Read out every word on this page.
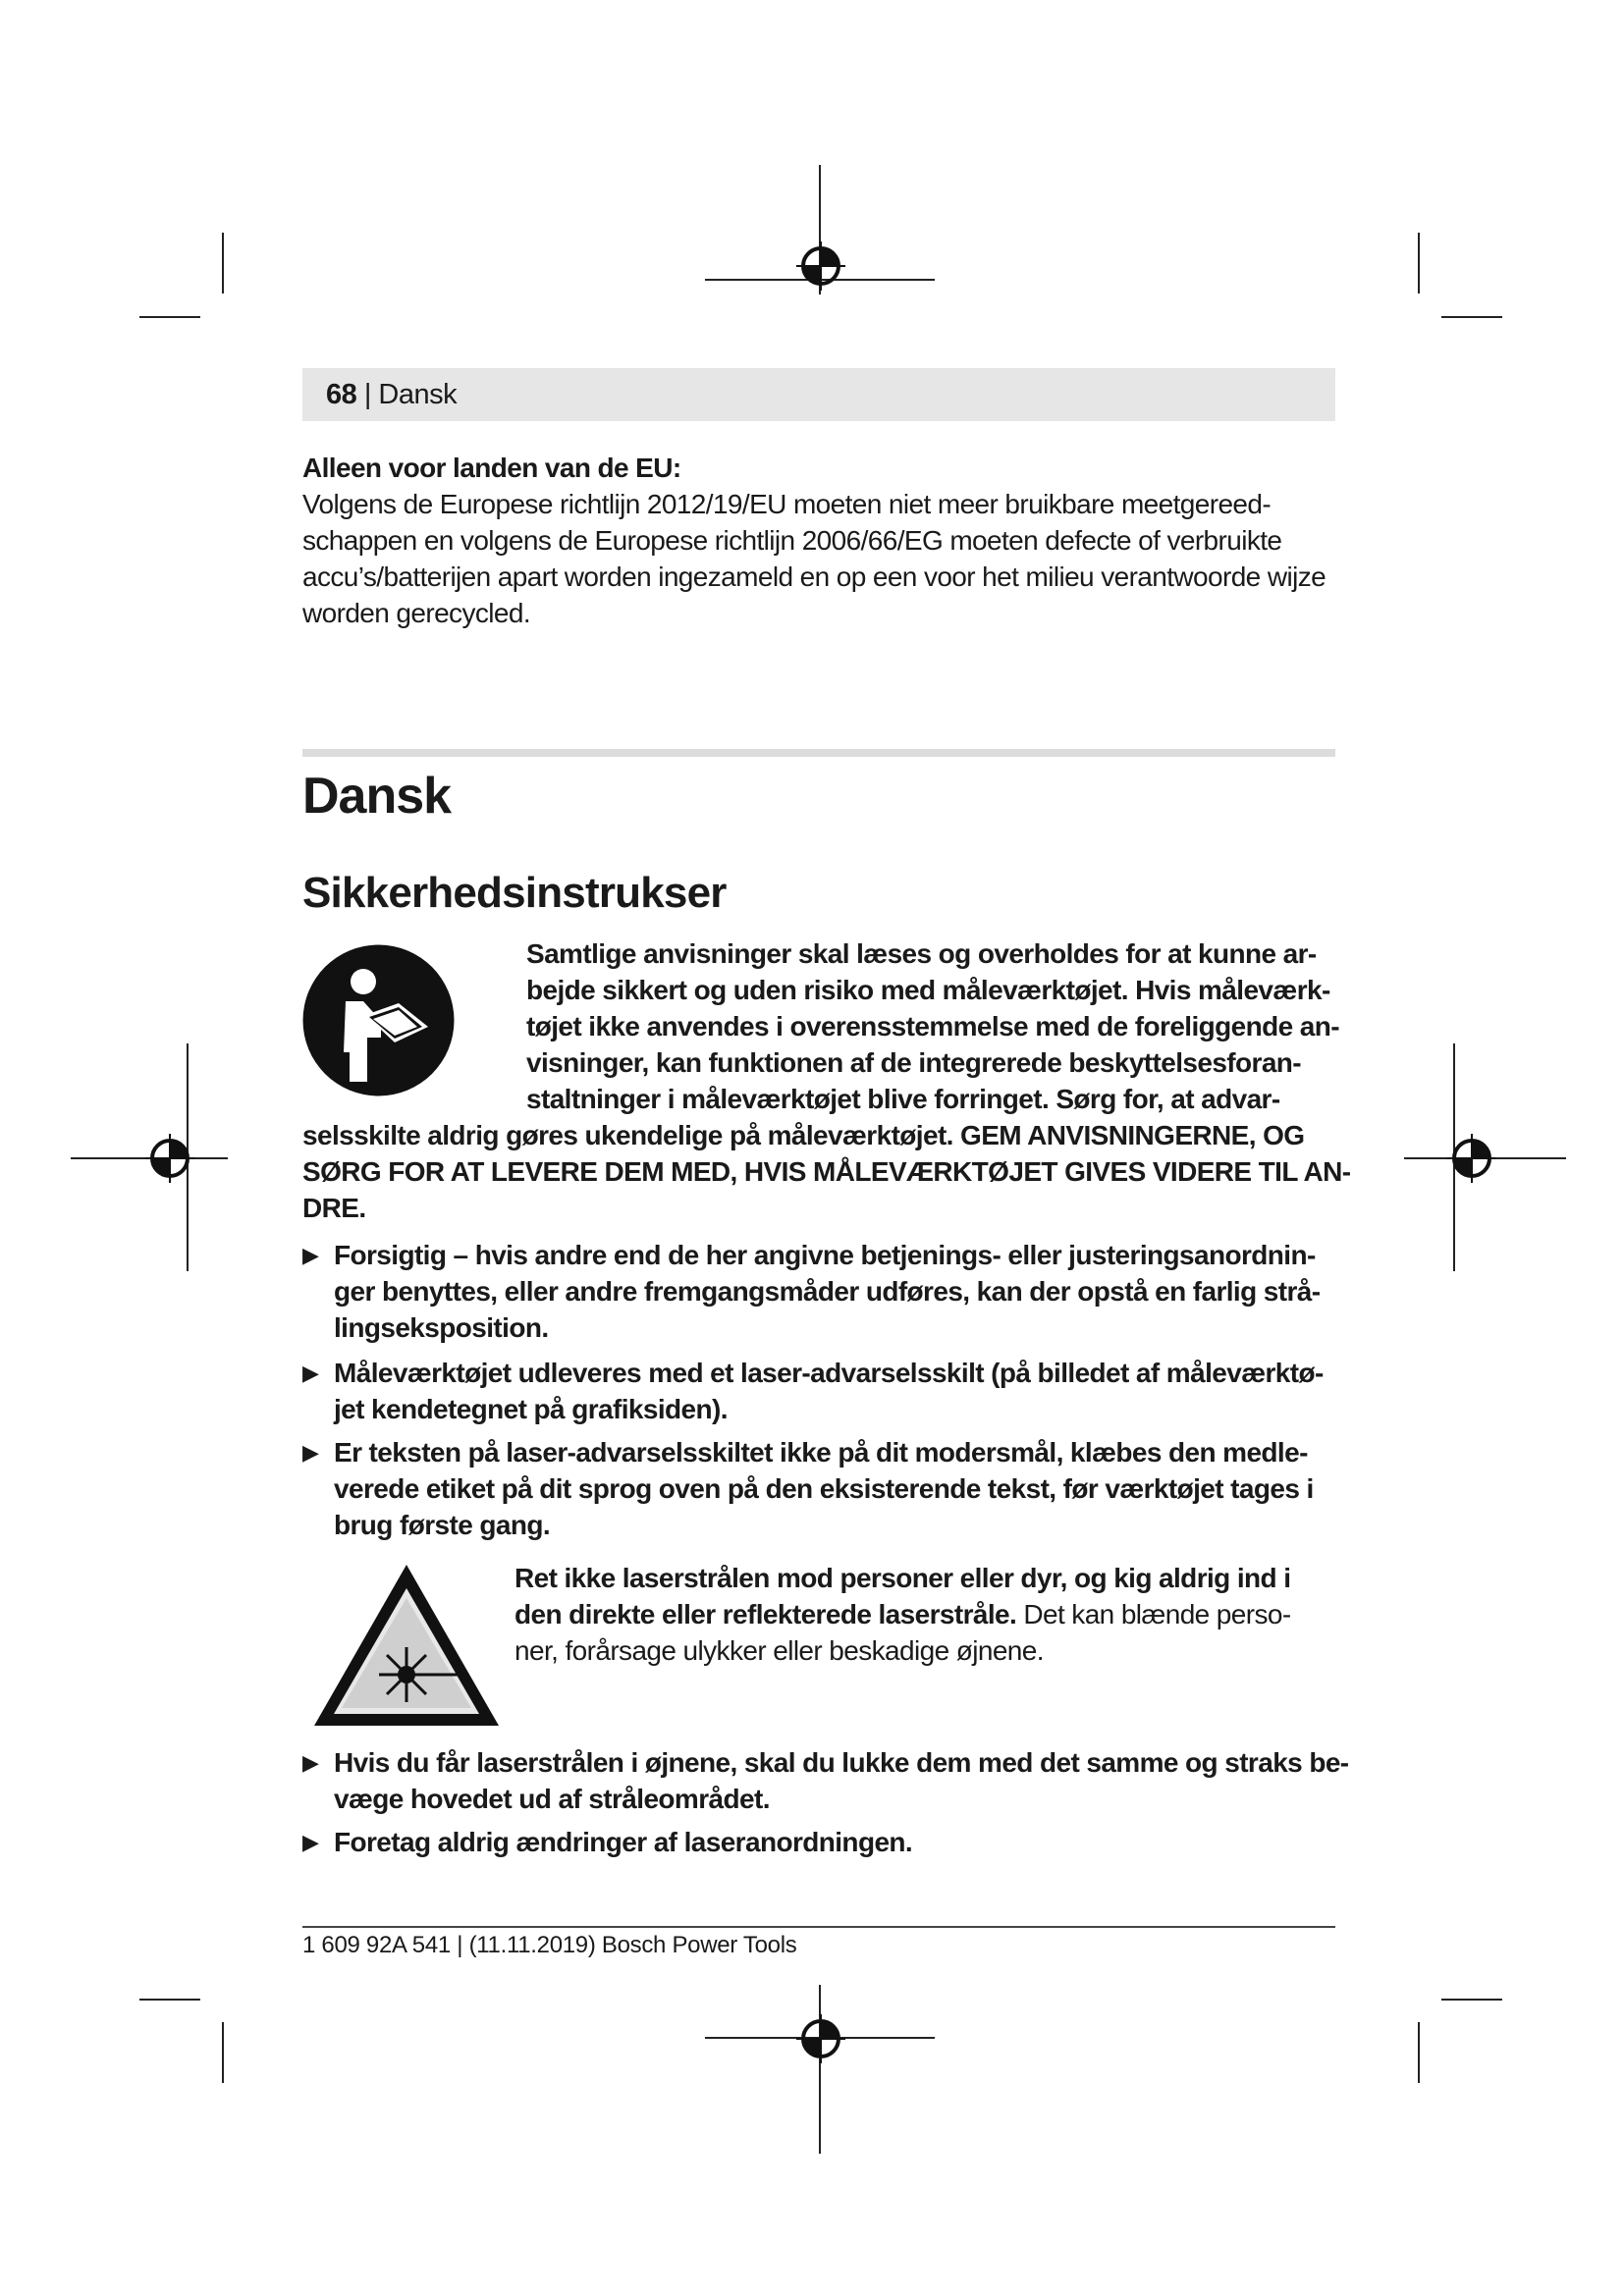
68 | Dansk
Alleen voor landen van de EU:
Volgens de Europese richtlijn 2012/19/EU moeten niet meer bruikbare meetgereed-
schappen en volgens de Europese richtlijn 2006/66/EG moeten defecte of verbruikte
accu’s/batterijen apart worden ingezameld en op een voor het milieu verantwoorde wijze
worden gerecycled.
Dansk
Sikkerhedsinstrukser
Samtlige anvisninger skal læses og overholdes for at kunne ar-
bejde sikkert og uden risiko med måleværktøjet. Hvis måleværk-
tøjet ikke anvendes i overensstemmelse med de foreliggende an-
visninger, kan funktionen af de integrerede beskyttelsesforan-
staltninger i måleværktøjet blive forringet. Sørg for, at advar-
selsskilte aldrig gøres ukendelige på måleværktøjet. GEM ANVISNINGERNE, OG
SØRG FOR AT LEVERE DEM MED, HVIS MÅLEVÆRKTØJET GIVES VIDERE TIL AN-
DRE.
▶ Forsigtig – hvis andre end de her angivne betjenings- eller justeringsanordnin-
ger benyttes, eller andre fremgangsmåder udføres, kan der opstå en farlig strå-
lingseksposition.
▶ Måleværktøjet udleveres med et laser-advarselsskilt (på billedet af måleværktø-
jet kendetegnet på grafiksiden).
▶ Er teksten på laser-advarselsskiltet ikke på dit modersmål, klæbes den medle-
verede etiket på dit sprog oven på den eksisterende tekst, før værktøjet tages i
brug første gang.
Ret ikke laserstrålen mod personer eller dyr, og kig aldrig ind i
den direkte eller reflekterede laserstråle. Det kan blænde perso-
ner, forårsage ulykker eller beskadige øjnene.
▶ Hvis du får laserstrålen i øjnene, skal du lukke dem med det samme og straks be-
væge hovedet ud af stråleområdet.
▶ Foretag aldrig ændringer af laseranordningen.
1 609 92A 541 | (11.11.2019) Bosch Power Tools
